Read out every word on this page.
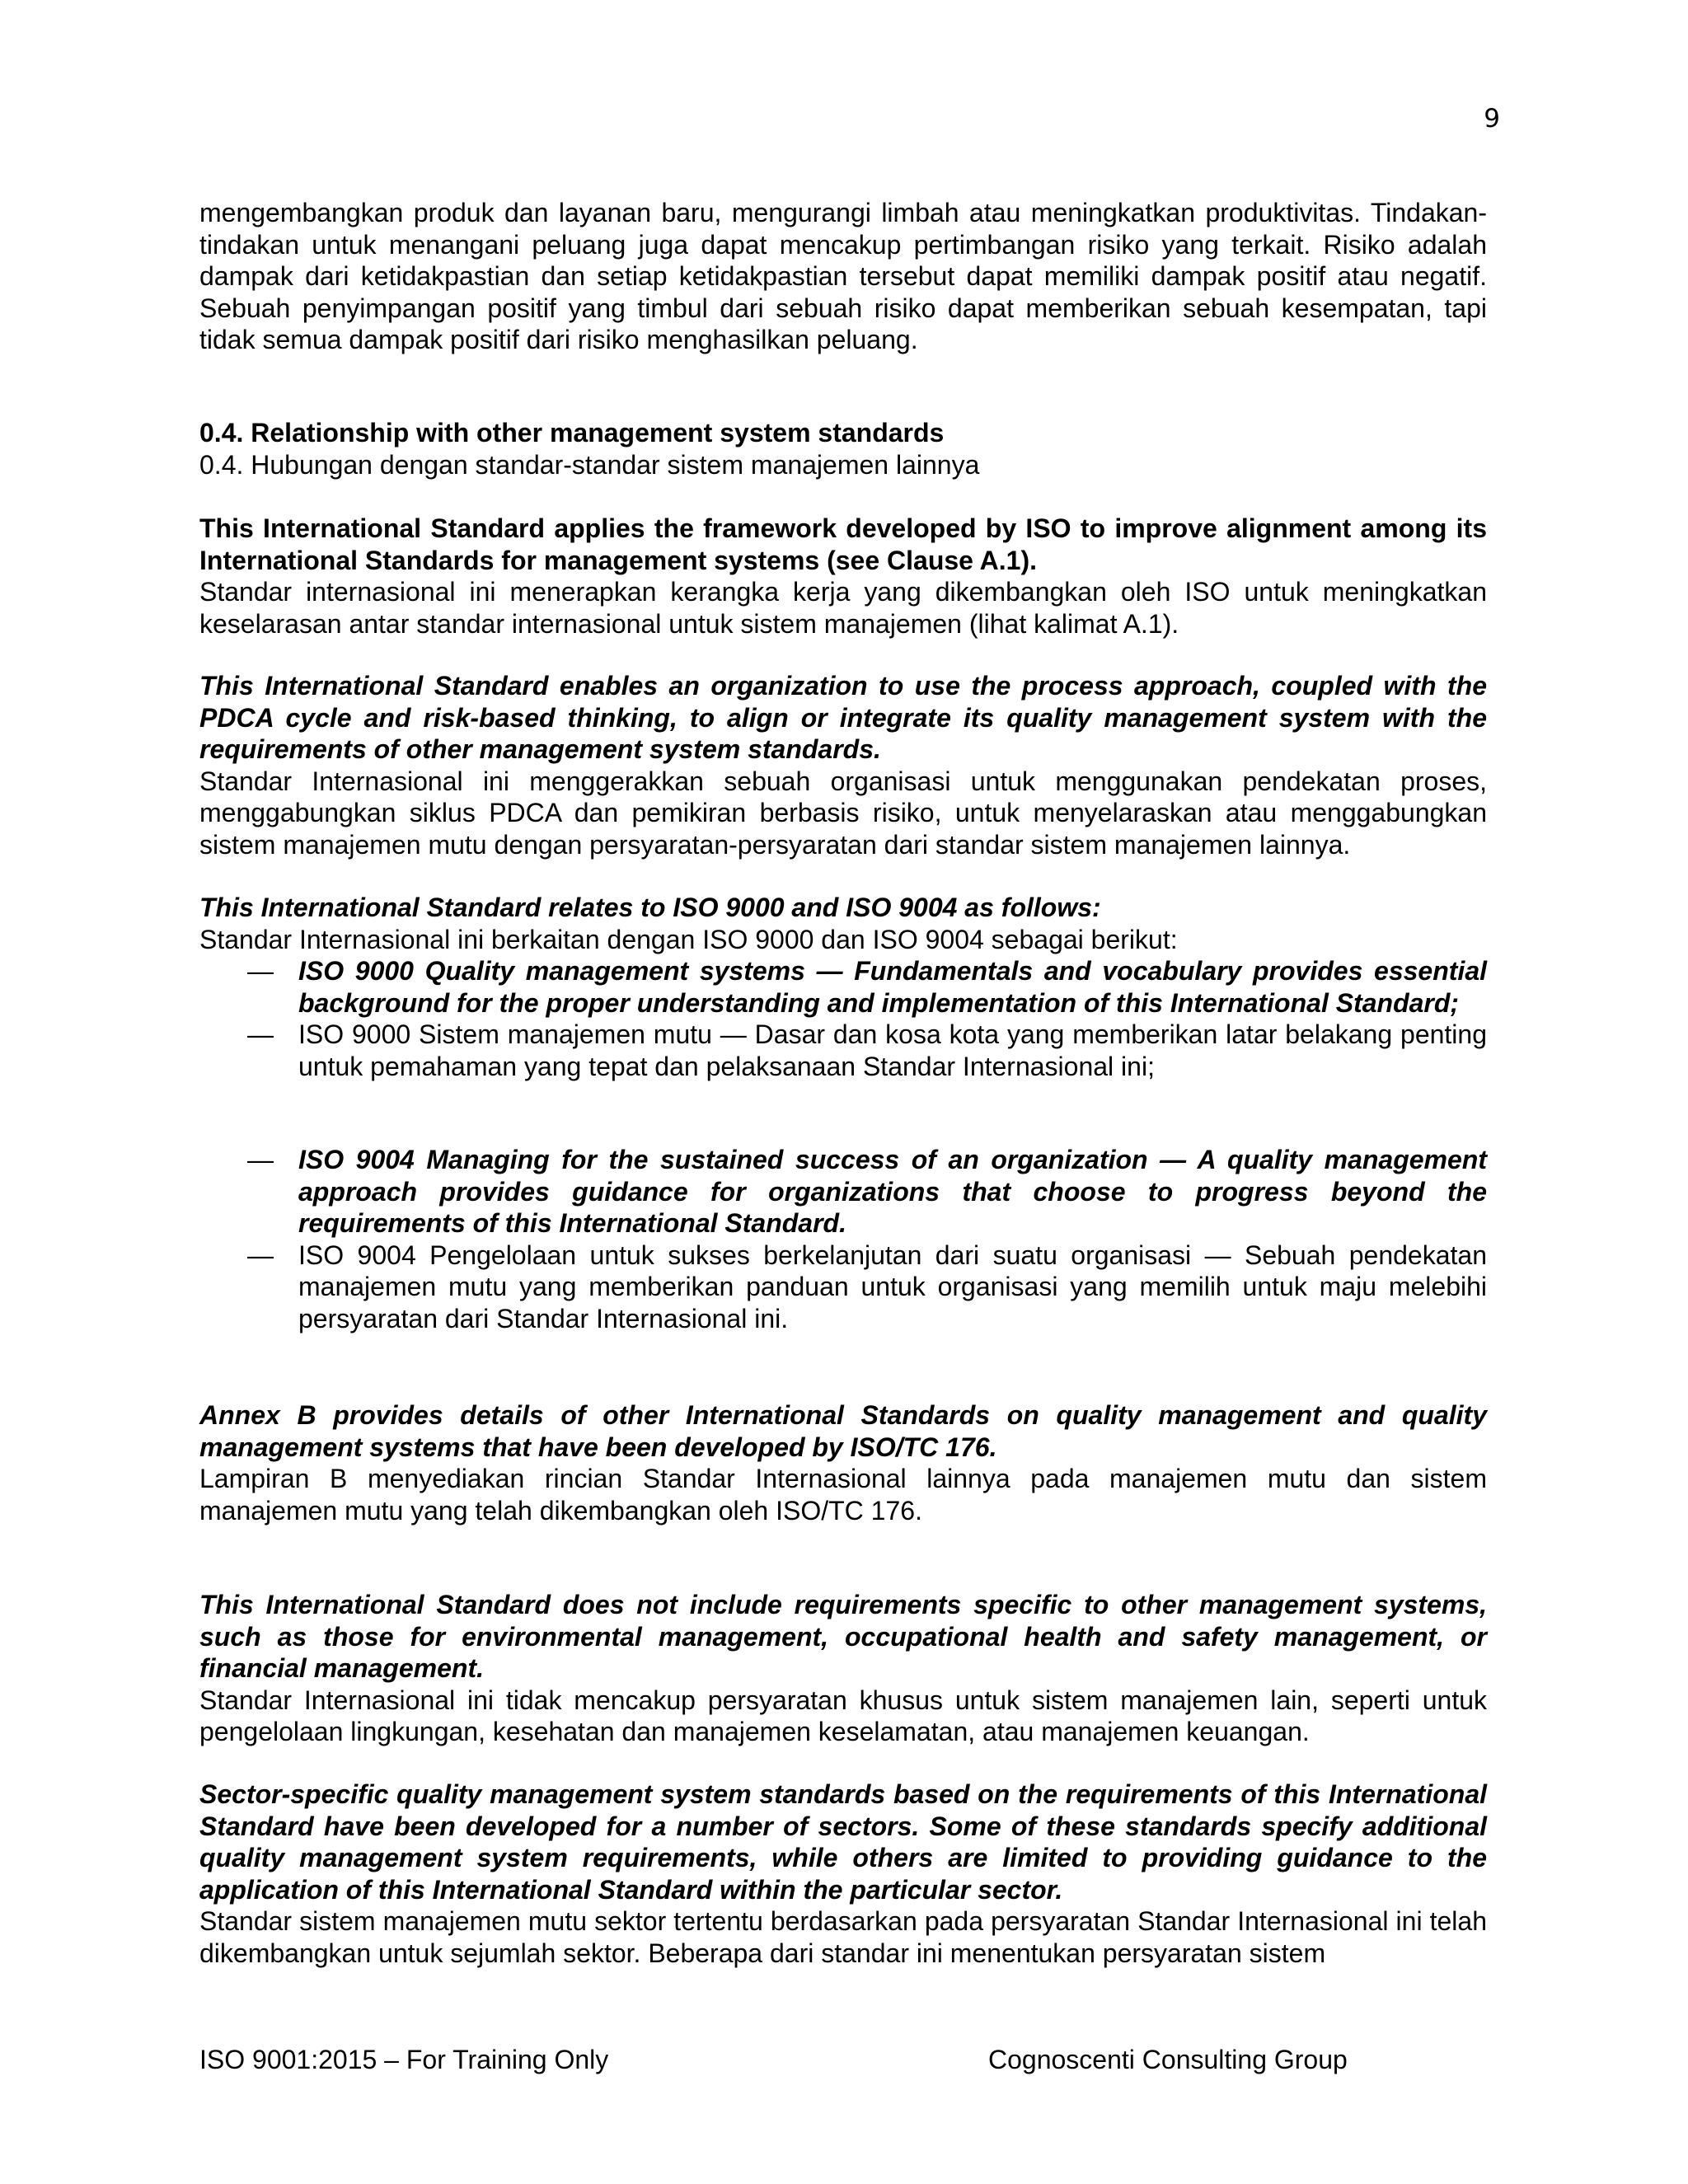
9

mengembangkan produk dan layanan baru, mengurangi limbah atau meningkatkan produktivitas. Tindakan-tindakan untuk menangani peluang juga dapat mencakup pertimbangan risiko yang terkait. Risiko adalah dampak dari ketidakpastian dan setiap ketidakpastian tersebut dapat memiliki dampak positif atau negatif. Sebuah penyimpangan positif yang timbul dari sebuah risiko dapat memberikan sebuah kesempatan, tapi tidak semua dampak positif dari risiko menghasilkan peluang.

0.4. Relationship with other management system standards

0.4. Hubungan dengan standar-standar sistem manajemen lainnya

This International Standard applies the framework developed by ISO to improve alignment among its International Standards for management systems (see Clause A.1).

Standar internasional ini menerapkan kerangka kerja yang dikembangkan oleh ISO untuk meningkatkan keselarasan antar standar internasional untuk sistem manajemen (lihat kalimat A.1).

This International Standard enables an organization to use the process approach, coupled with the PDCA cycle and risk-based thinking, to align or integrate its quality management system with the requirements of other management system standards.

Standar Internasional ini menggerakkan sebuah organisasi untuk menggunakan pendekatan proses, menggabungkan siklus PDCA dan pemikiran berbasis risiko, untuk menyelaraskan atau menggabungkan sistem manajemen mutu dengan persyaratan-persyaratan dari standar sistem manajemen lainnya.

This International Standard relates to ISO 9000 and ISO 9004 as follows:

Standar Internasional ini berkaitan dengan ISO 9000 dan ISO 9004 sebagai berikut:

— ISO 9000 Quality management systems — Fundamentals and vocabulary provides essential background for the proper understanding and implementation of this International Standard;
— ISO 9000 Sistem manajemen mutu — Dasar dan kosa kota yang memberikan latar belakang penting untuk pemahaman yang tepat dan pelaksanaan Standar Internasional ini;
— ISO 9004 Managing for the sustained success of an organization — A quality management approach provides guidance for organizations that choose to progress beyond the requirements of this International Standard.
— ISO 9004 Pengelolaan untuk sukses berkelanjutan dari suatu organisasi — Sebuah pendekatan manajemen mutu yang memberikan panduan untuk organisasi yang memilih untuk maju melebihi persyaratan dari Standar Internasional ini.

Annex B provides details of other International Standards on quality management and quality management systems that have been developed by ISO/TC 176.

Lampiran B menyediakan rincian Standar Internasional lainnya pada manajemen mutu dan sistem manajemen mutu yang telah dikembangkan oleh ISO/TC 176.

This International Standard does not include requirements specific to other management systems, such as those for environmental management, occupational health and safety management, or financial management.

Standar Internasional ini tidak mencakup persyaratan khusus untuk sistem manajemen lain, seperti untuk pengelolaan lingkungan, kesehatan dan manajemen keselamatan, atau manajemen keuangan.

Sector-specific quality management system standards based on the requirements of this International Standard have been developed for a number of sectors. Some of these standards specify additional quality management system requirements, while others are limited to providing guidance to the application of this International Standard within the particular sector.

Standar sistem manajemen mutu sektor tertentu berdasarkan pada persyaratan Standar Internasional ini telah dikembangkan untuk sejumlah sektor. Beberapa dari standar ini menentukan persyaratan sistem

ISO 9001:2015 – For Training Only	Cognoscenti Consulting Group
